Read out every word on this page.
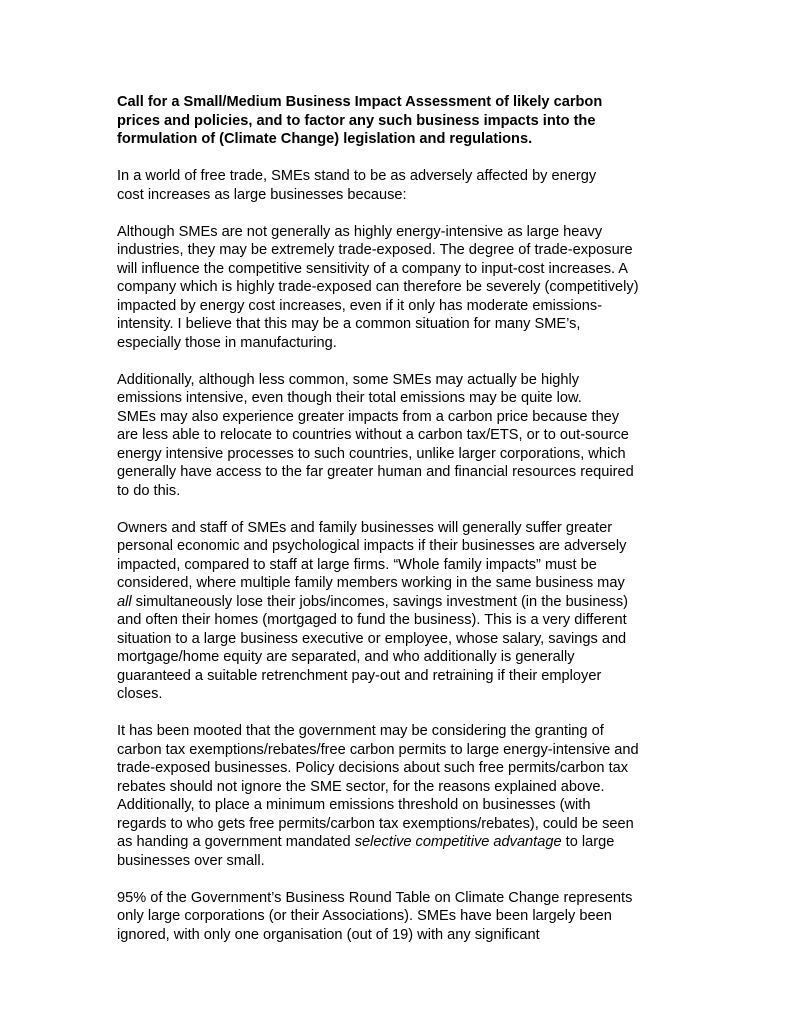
Call for a Small/Medium Business Impact Assessment of likely carbon
prices and policies, and to factor any such business impacts into the
formulation of (Climate Change) legislation and regulations.
In a world of free trade, SMEs stand to be as adversely affected by energy
cost increases as large businesses because:
Although SMEs are not generally as highly energy-intensive as large heavy
industries, they may be extremely trade-exposed. The degree of trade-exposure
will influence the competitive sensitivity of a company to input-cost increases. A
company which is highly trade-exposed can therefore be severely (competitively)
impacted by energy cost increases, even if it only has moderate emissions-
intensity. I believe that this may be a common situation for many SME’s,
especially those in manufacturing.
Additionally, although less common, some SMEs may actually be highly
emissions intensive, even though their total emissions may be quite low.
SMEs may also experience greater impacts from a carbon price because they
are less able to relocate to countries without a carbon tax/ETS, or to out-source
energy intensive processes to such countries, unlike larger corporations, which
generally have access to the far greater human and financial resources required
to do this.
Owners and staff of SMEs and family businesses will generally suffer greater
personal economic and psychological impacts if their businesses are adversely
impacted, compared to staff at large firms. “Whole family impacts” must be
considered, where multiple family members working in the same business may
all simultaneously lose their jobs/incomes, savings investment (in the business)
and often their homes (mortgaged to fund the business). This is a very different
situation to a large business executive or employee, whose salary, savings and
mortgage/home equity are separated, and who additionally is generally
guaranteed a suitable retrenchment pay-out and retraining if their employer
closes.
It has been mooted that the government may be considering the granting of
carbon tax exemptions/rebates/free carbon permits to large energy-intensive and
trade-exposed businesses. Policy decisions about such free permits/carbon tax
rebates should not ignore the SME sector, for the reasons explained above.
Additionally, to place a minimum emissions threshold on businesses (with
regards to who gets free permits/carbon tax exemptions/rebates), could be seen
as handing a government mandated selective competitive advantage to large
businesses over small.
95% of the Government’s Business Round Table on Climate Change represents
only large corporations (or their Associations). SMEs have been largely been
ignored, with only one organisation (out of 19) with any significant
